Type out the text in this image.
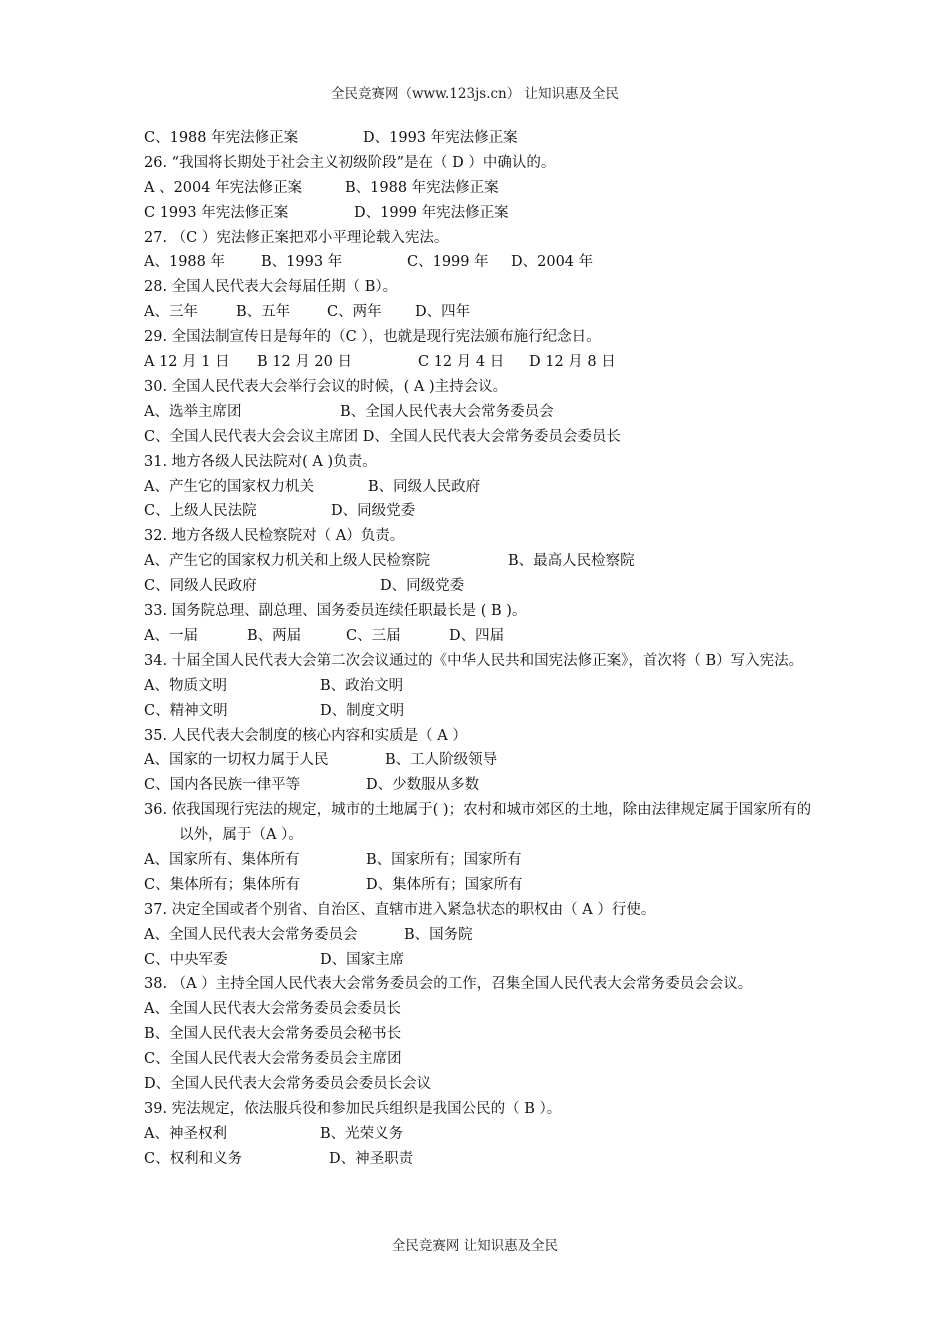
全民竞赛网（www.123js.cn） 让知识惠及全民
C、1988 年宪法修正案	D、1993 年宪法修正案
26. “我国将长期处于社会主义初级阶段”是在（ D ）中确认的。
A 、2004 年宪法修正案	B、1988 年宪法修正案
C 1993 年宪法修正案	D、1999 年宪法修正案
27. （C ）宪法修正案把邓小平理论载入宪法。
A、1988 年 B、1993 年	C、1999 年 D、2004 年
28. 全国人民代表大会每届任期（ B）。
A、三年	B、五年	C、两年 D、四年
29. 全国法制宣传日是每年的（C ），也就是现行宪法颁布施行纪念日。
A 12 月 1 日 B 12 月 20 日	C 12 月 4 日 D 12 月 8 日
30. 全国人民代表大会举行会议的时候，( A )主持会议。
A、选举主席团	B、全国人民代表大会常务委员会
C、全国人民代表大会会议主席团 D、全国人民代表大会常务委员会委员长
31. 地方各级人民法院对( A )负责。
A、产生它的国家权力机关	B、同级人民政府
C、上级人民法院	D、同级党委
32. 地方各级人民检察院对（ A）负责。
A、产生它的国家权力机关和上级人民检察院	B、最高人民检察院
C、同级人民政府	D、同级党委
33. 国务院总理、副总理、国务委员连续任职最长是 ( B )。
A、一届	B、两届	C、三届	D、四届
34. 十届全国人民代表大会第二次会议通过的《中华人民共和国宪法修正案》，首次将（ B）写入宪法。
A、物质文明	B、政治文明
C、精神文明	D、制度文明
35. 人民代表大会制度的核心内容和实质是（ A ）
A、国家的一切权力属于人民	B、工人阶级领导
C、国内各民族一律平等	D、少数服从多数
36. 依我国现行宪法的规定，城市的土地属于( )；农村和城市郊区的土地，除由法律规定属于国家所有的以外，属于（A ）。
A、国家所有、集体所有	B、国家所有；国家所有
C、集体所有；集体所有	D、集体所有；国家所有
37. 决定全国或者个别省、自治区、直辖市进入紧急状态的职权由（ A ）行使。
A、全国人民代表大会常务委员会	B、国务院
C、中央军委	D、国家主席
38. （A ）主持全国人民代表大会常务委员会的工作，召集全国人民代表大会常务委员会会议。
A、全国人民代表大会常务委员会委员长
B、全国人民代表大会常务委员会秘书长
C、全国人民代表大会常务委员会主席团
D、全国人民代表大会常务委员会委员长会议
39. 宪法规定，依法服兵役和参加民兵组织是我国公民的（ B ）。
A、神圣权利	B、光荣义务
C、权利和义务	D、神圣职责
全民竞赛网 让知识惠及全民
